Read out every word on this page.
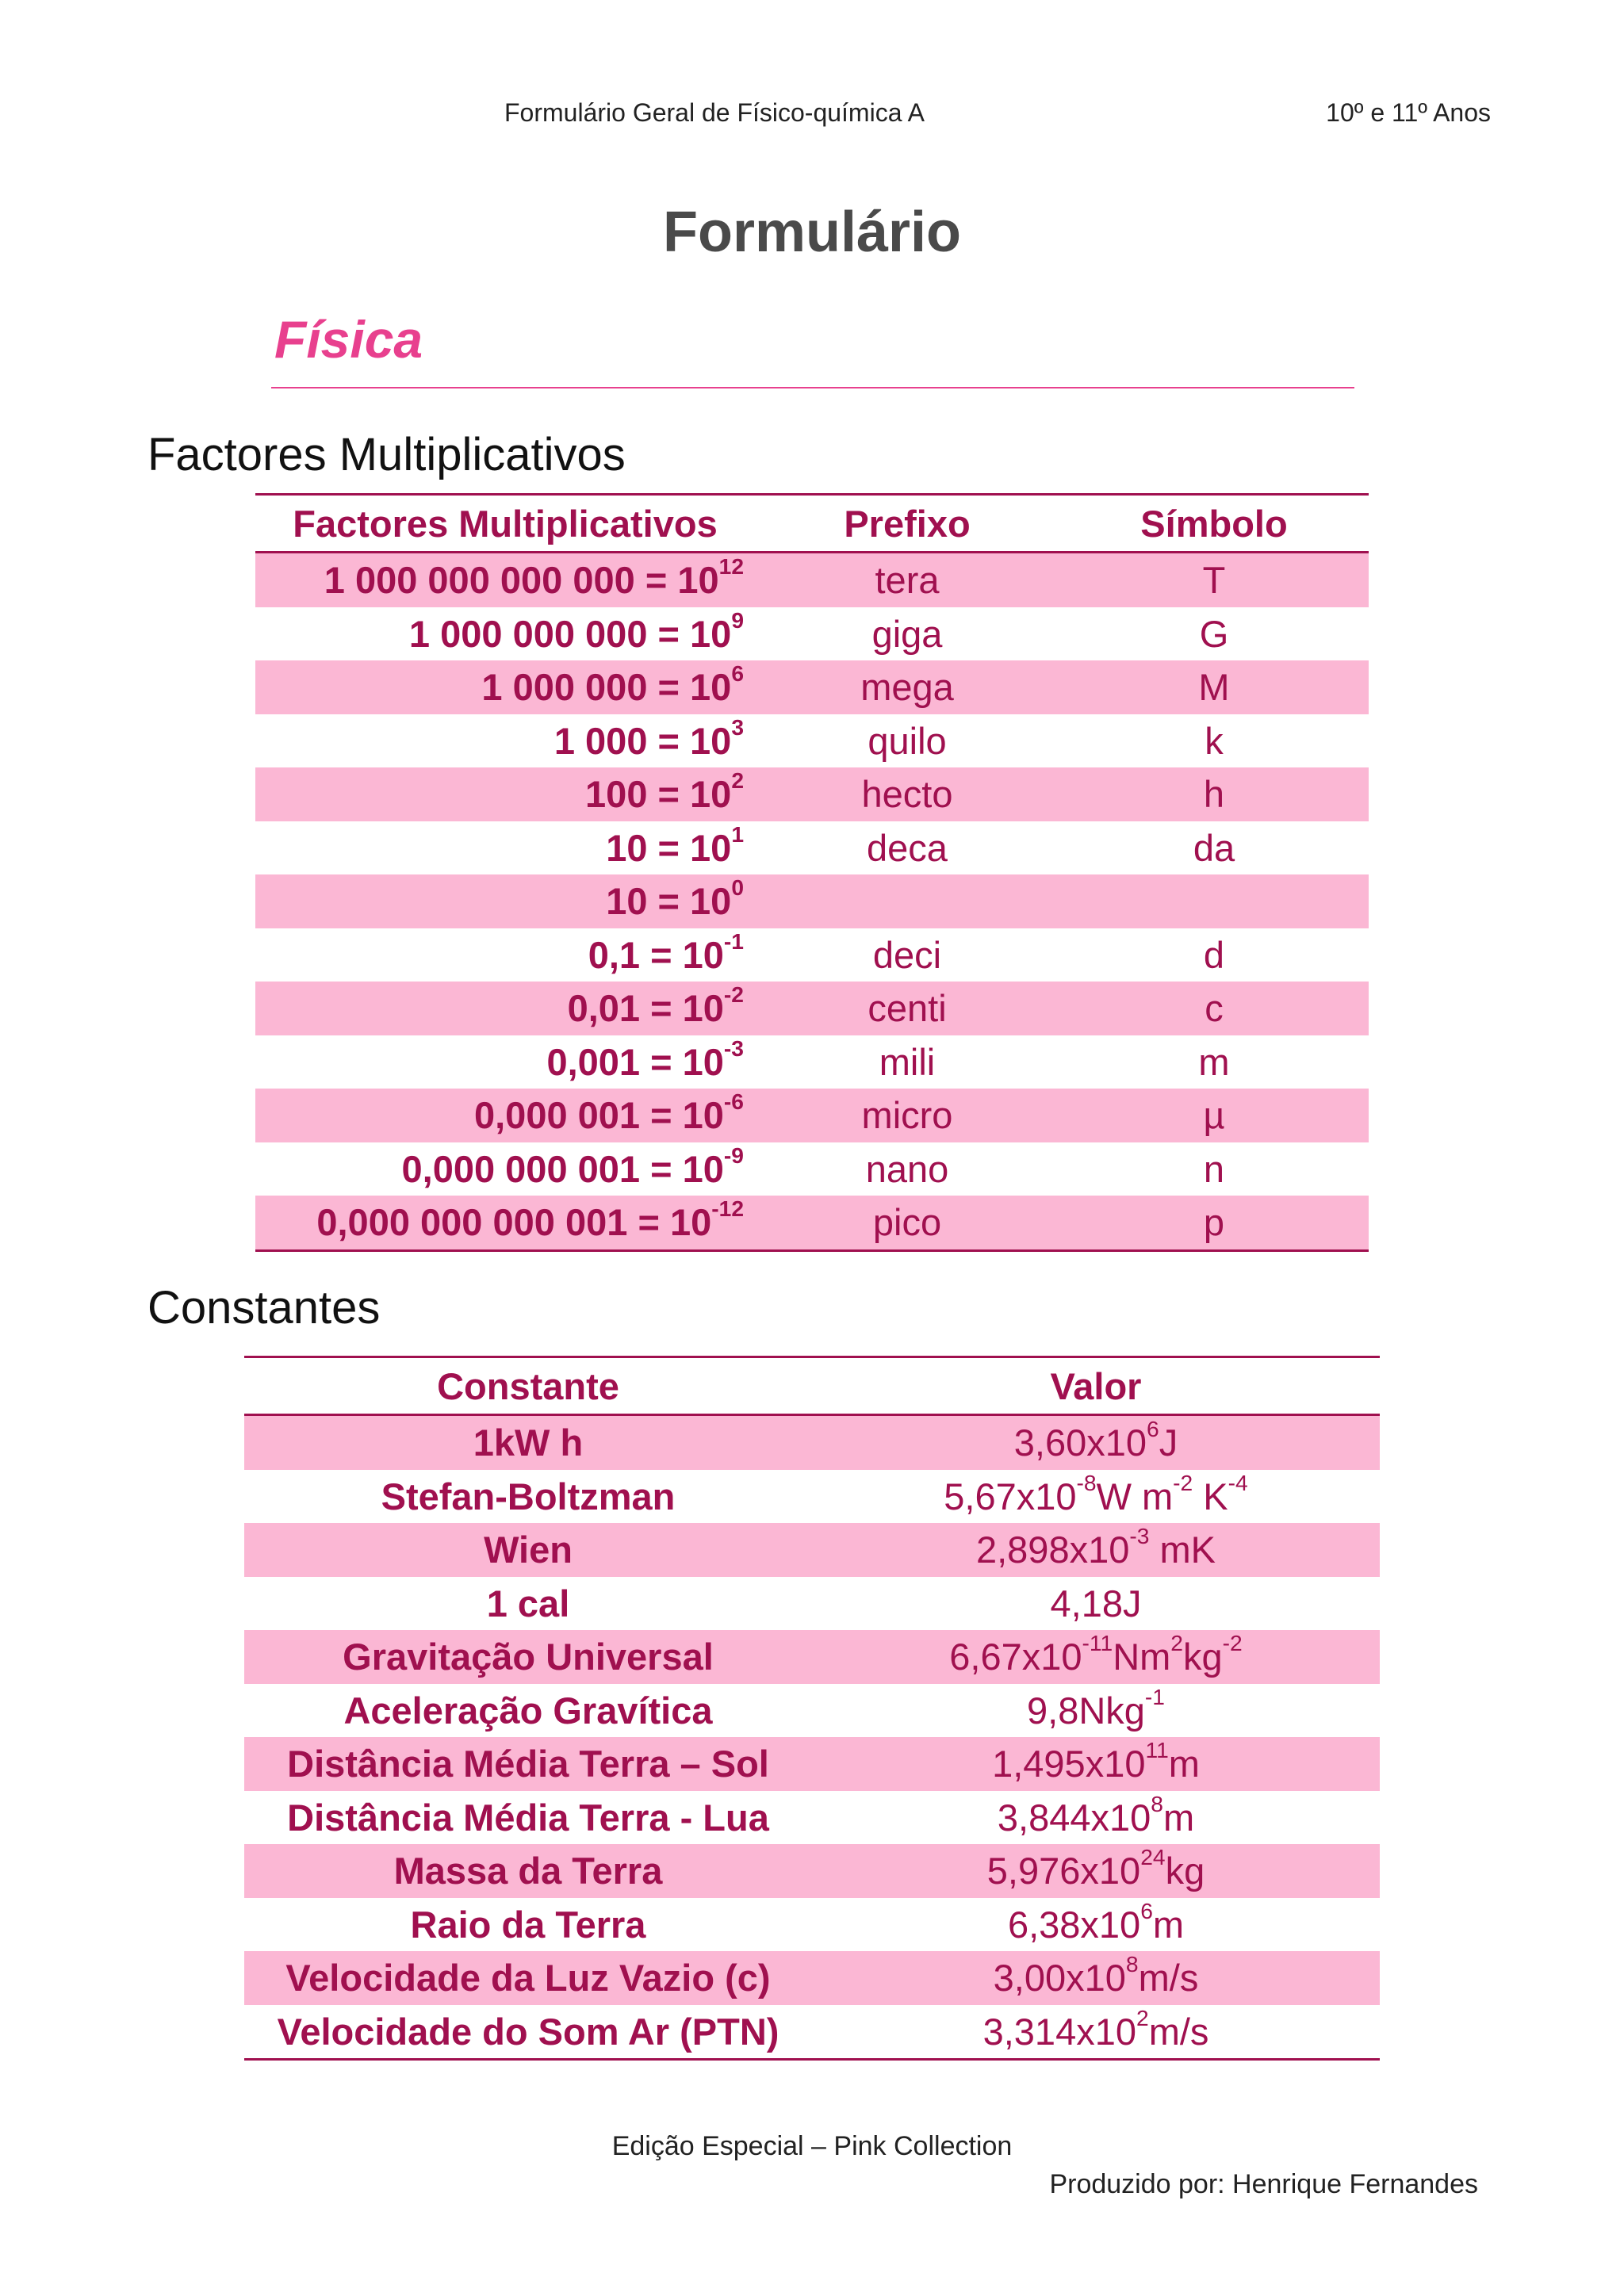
Formulário Geral de Físico-química A	10º e 11º Anos
Formulário
Física
Factores Multiplicativos
Factores Multiplicativos	Prefixo	Símbolo
1 000 000 000 $000 = 10^{12}$	tera	T
1 000 000 $000 = 10^9$	giga	G
1 000 $000 = 10^6$	mega	M
1 $000 = 10^3$	quilo	k
$100 = 10^2$	hecto	h
$10 = 10^1$	deca	da
$10 = 10^0$		
$0,1 = 10^{-1}$	deci	d
$0,01 = 10^{-2}$	centi	c
$0,001 = 10^{-3}$	mili	m
0,000 $001 = 10^{-6}$	micro	µ
0,000 000 $001 = 10^{-9}$	nano	n
0,000 000 000 $001 = 10^{-12}$	pico	p
Constantes
Constante	Valor
1kW h	$3,60x10^6J$
Stefan-Boltzman	$5,67x10^{-8}W$ $m^{-2}$ $K^{-4}$
Wien	$2,898x10^{-3}$ mK
1 cal	4,18J
Gravitação Universal	$6,67x10^{-11}Nm^2kg^{-2}$
Aceleração Gravítica	9,8Nkg$^{-1}$
Distância Média Terra – Sol	$1,495x10^{11}m$
Distância Média Terra - Lua	$3,844x10^8m$
Massa da Terra	$5,976x10^{24}kg$
Raio da Terra	$6,38x10^6m$
Velocidade da Luz Vazio (c)	$3,00x10^8m/s$
Velocidade do Som Ar (PTN)	$3,314x10^2m/s$
Edição Especial – Pink Collection
Produzido por: Henrique Fernandes
